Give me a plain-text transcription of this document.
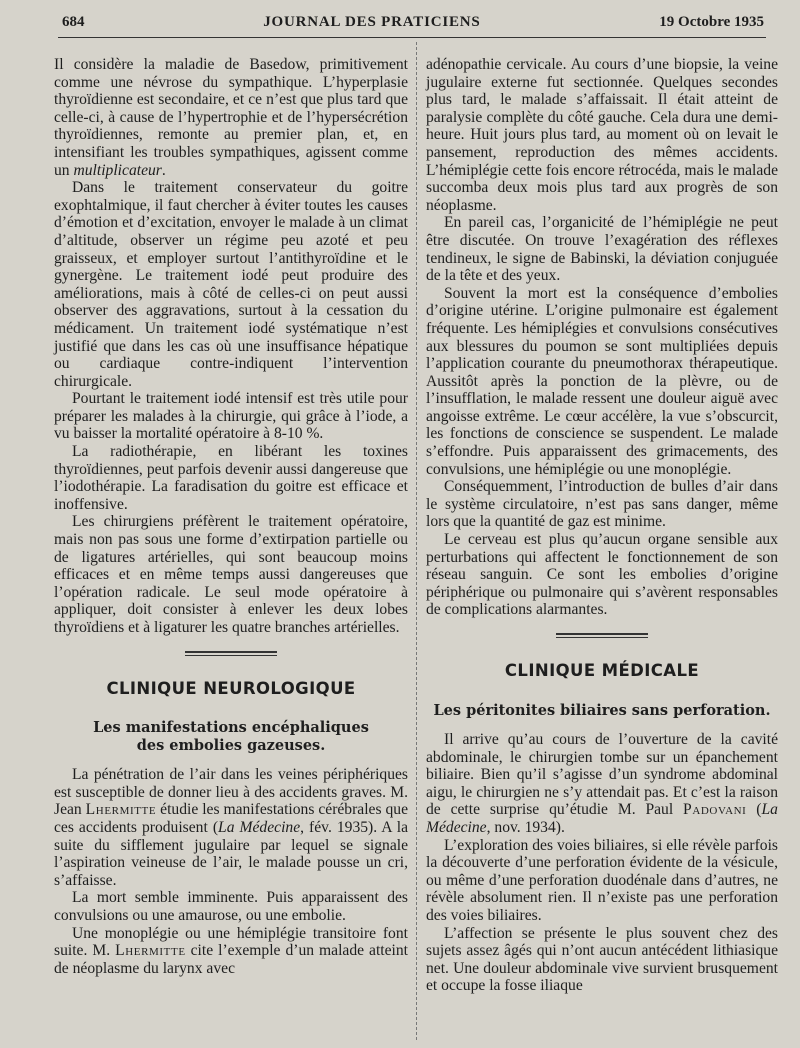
684	JOURNAL DES PRATICIENS	19 Octobre 1935

Il considère la maladie de Basedow, primitivement comme une névrose du sympathique. L’hyperplasie thyroïdienne est secondaire, et ce n’est que plus tard que celle-ci, à cause de l’hypertrophie et de l’hypersécrétion thyroïdiennes, remonte au premier plan, et, en intensifiant les troubles sympathiques, agissent comme un multiplicateur.

Dans le traitement conservateur du goitre exophtalmique, il faut chercher à éviter toutes les causes d’émotion et d’excitation, envoyer le malade à un climat d’altitude, observer un régime peu azoté et peu graisseux, et employer surtout l’antithyroïdine et le gynergène. Le traitement iodé peut produire des améliorations, mais à côté de celles-ci on peut aussi observer des aggravations, surtout à la cessation du médicament. Un traitement iodé systématique n’est justifié que dans les cas où une insuffisance hépatique ou cardiaque contre-indiquent l’intervention chirurgicale.

Pourtant le traitement iodé intensif est très utile pour préparer les malades à la chirurgie, qui grâce à l’iode, a vu baisser la mortalité opératoire à 8-10 %.

La radiothérapie, en libérant les toxines thyroïdiennes, peut parfois devenir aussi dangereuse que l’iodothérapie. La faradisation du goitre est efficace et inoffensive.

Les chirurgiens préfèrent le traitement opératoire, mais non pas sous une forme d’extirpation partielle ou de ligatures artérielles, qui sont beaucoup moins efficaces et en même temps aussi dangereuses que l’opération radicale. Le seul mode opératoire à appliquer, doit consister à enlever les deux lobes thyroïdiens et à ligaturer les quatre branches artérielles.

CLINIQUE NEUROLOGIQUE
Les manifestations encéphaliques
des embolies gazeuses.

La pénétration de l’air dans les veines périphériques est susceptible de donner lieu à des accidents graves. M. Jean Lhermitte étudie les manifestations cérébrales que ces accidents produisent (La Médecine, fév. 1935). A la suite du sifflement jugulaire par lequel se signale l’aspiration veineuse de l’air, le malade pousse un cri, s’affaisse.

La mort semble imminente. Puis apparaissent des convulsions ou une amaurose, ou une embolie.

Une monoplégie ou une hémiplégie transitoire font suite. M. Lhermitte cite l’exemple d’un malade atteint de néoplasme du larynx avec

adénopathie cervicale. Au cours d’une biopsie, la veine jugulaire externe fut sectionnée. Quelques secondes plus tard, le malade s’affaissait. Il était atteint de paralysie complète du côté gauche. Cela dura une demi-heure. Huit jours plus tard, au moment où on levait le pansement, reproduction des mêmes accidents. L’hémiplégie cette fois encore rétrocéda, mais le malade succomba deux mois plus tard aux progrès de son néoplasme.

En pareil cas, l’organicité de l’hémiplégie ne peut être discutée. On trouve l’exagération des réflexes tendineux, le signe de Babinski, la déviation conjuguée de la tête et des yeux.

Souvent la mort est la conséquence d’embolies d’origine utérine. L’origine pulmonaire est également fréquente. Les hémiplégies et convulsions consécutives aux blessures du poumon se sont multipliées depuis l’application courante du pneumothorax thérapeutique. Aussitôt après la ponction de la plèvre, ou de l’insufflation, le malade ressent une douleur aiguë avec angoisse extrême. Le cœur accélère, la vue s’obscurcit, les fonctions de conscience se suspendent. Le malade s’effondre. Puis apparaissent des grimacements, des convulsions, une hémiplégie ou une monoplégie.

Conséquemment, l’introduction de bulles d’air dans le système circulatoire, n’est pas sans danger, même lors que la quantité de gaz est minime.

Le cerveau est plus qu’aucun organe sensible aux perturbations qui affectent le fonctionnement de son réseau sanguin. Ce sont les embolies d’origine périphérique ou pulmonaire qui s’avèrent responsables de complications alarmantes.

CLINIQUE MÉDICALE
Les péritonites biliaires sans perforation.

Il arrive qu’au cours de l’ouverture de la cavité abdominale, le chirurgien tombe sur un épanchement biliaire. Bien qu’il s’agisse d’un syndrome abdominal aigu, le chirurgien ne s’y attendait pas. Et c’est la raison de cette surprise qu’étudie M. Paul Padovani (La Médecine, nov. 1934).

L’exploration des voies biliaires, si elle révèle parfois la découverte d’une perforation évidente de la vésicule, ou même d’une perforation duodénale dans d’autres, ne révèle absolument rien. Il n’existe pas une perforation des voies biliaires.

L’affection se présente le plus souvent chez des sujets assez âgés qui n’ont aucun antécédent lithiasique net. Une douleur abdominale vive survient brusquement et occupe la fosse iliaque
